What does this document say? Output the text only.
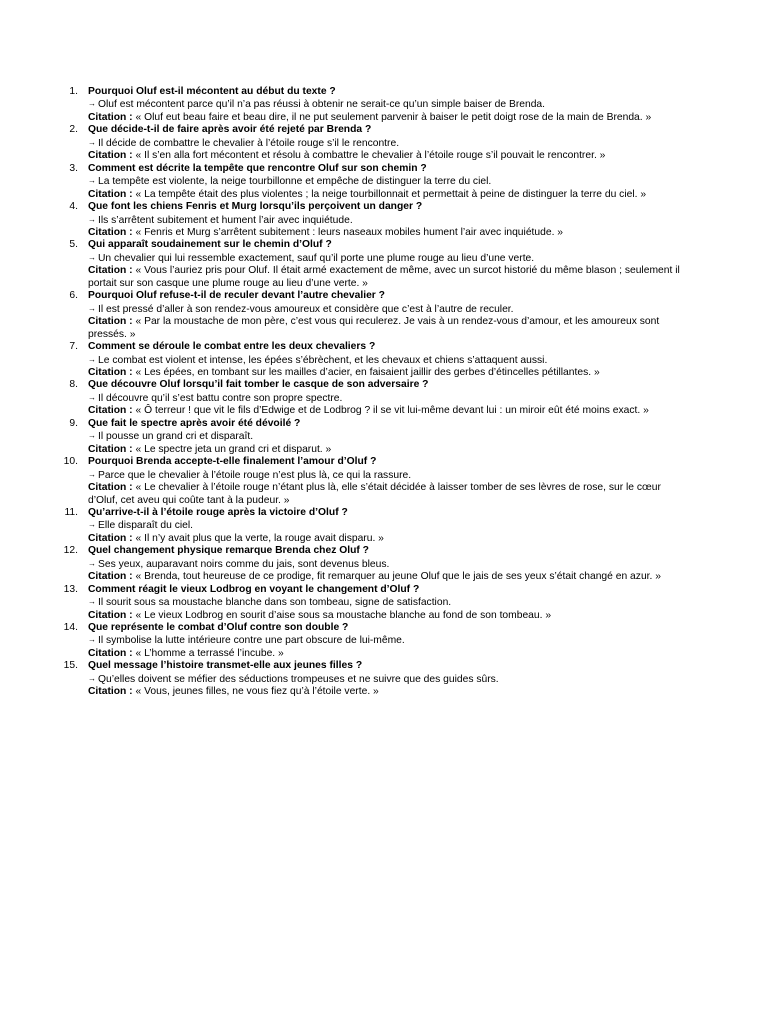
1. Pourquoi Oluf est-il mécontent au début du texte ?
→ Oluf est mécontent parce qu’il n’a pas réussi à obtenir ne serait-ce qu’un simple baiser de Brenda.
Citation : « Oluf eut beau faire et beau dire, il ne put seulement parvenir à baiser le petit doigt rose de la main de Brenda. »
2. Que décide-t-il de faire après avoir été rejeté par Brenda ?
→ Il décide de combattre le chevalier à l’étoile rouge s’il le rencontre.
Citation : « Il s’en alla fort mécontent et résolu à combattre le chevalier à l’étoile rouge s’il pouvait le rencontrer. »
3. Comment est décrite la tempête que rencontre Oluf sur son chemin ?
→ La tempête est violente, la neige tourbillonne et empêche de distinguer la terre du ciel.
Citation : « La tempête était des plus violentes ; la neige tourbillonnait et permettait à peine de distinguer la terre du ciel. »
4. Que font les chiens Fenris et Murg lorsqu’ils perçoivent un danger ?
→ Ils s’arrêtent subitement et hument l’air avec inquiétude.
Citation : « Fenris et Murg s’arrêtent subitement : leurs naseaux mobiles hument l’air avec inquiétude. »
5. Qui apparaît soudainement sur le chemin d’Oluf ?
→ Un chevalier qui lui ressemble exactement, sauf qu’il porte une plume rouge au lieu d’une verte.
Citation : « Vous l’auriez pris pour Oluf. Il était armé exactement de même, avec un surcot historié du même blason ; seulement il portait sur son casque une plume rouge au lieu d’une verte. »
6. Pourquoi Oluf refuse-t-il de reculer devant l’autre chevalier ?
→ Il est pressé d’aller à son rendez-vous amoureux et considère que c’est à l’autre de reculer.
Citation : « Par la moustache de mon père, c’est vous qui reculerez. Je vais à un rendez-vous d’amour, et les amoureux sont pressés. »
7. Comment se déroule le combat entre les deux chevaliers ?
→ Le combat est violent et intense, les épées s’ébrèchent, et les chevaux et chiens s’attaquent aussi.
Citation : « Les épées, en tombant sur les mailles d’acier, en faisaient jaillir des gerbes d’étincelles pétillantes. »
8. Que découvre Oluf lorsqu’il fait tomber le casque de son adversaire ?
→ Il découvre qu’il s’est battu contre son propre spectre.
Citation : « Ô terreur ! que vit le fils d’Edwige et de Lodbrog ? il se vit lui-même devant lui : un miroir eût été moins exact. »
9. Que fait le spectre après avoir été dévoilé ?
→ Il pousse un grand cri et disparaît.
Citation : « Le spectre jeta un grand cri et disparut. »
10. Pourquoi Brenda accepte-t-elle finalement l’amour d’Oluf ?
→ Parce que le chevalier à l’étoile rouge n’est plus là, ce qui la rassure.
Citation : « Le chevalier à l’étoile rouge n’étant plus là, elle s’était décidée à laisser tomber de ses lèvres de rose, sur le cœur d’Oluf, cet aveu qui coûte tant à la pudeur. »
11. Qu’arrive-t-il à l’étoile rouge après la victoire d’Oluf ?
→ Elle disparaît du ciel.
Citation : « Il n’y avait plus que la verte, la rouge avait disparu. »
12. Quel changement physique remarque Brenda chez Oluf ?
→ Ses yeux, auparavant noirs comme du jais, sont devenus bleus.
Citation : « Brenda, tout heureuse de ce prodige, fit remarquer au jeune Oluf que le jais de ses yeux s’était changé en azur. »
13. Comment réagit le vieux Lodbrog en voyant le changement d’Oluf ?
→ Il sourit sous sa moustache blanche dans son tombeau, signe de satisfaction.
Citation : « Le vieux Lodbrog en sourit d’aise sous sa moustache blanche au fond de son tombeau. »
14. Que représente le combat d’Oluf contre son double ?
→ Il symbolise la lutte intérieure contre une part obscure de lui-même.
Citation : « L’homme a terrassé l’incube. »
15. Quel message l’histoire transmet-elle aux jeunes filles ?
→ Qu’elles doivent se méfier des séductions trompeuses et ne suivre que des guides sûrs.
Citation : « Vous, jeunes filles, ne vous fiez qu’à l’étoile verte. »
